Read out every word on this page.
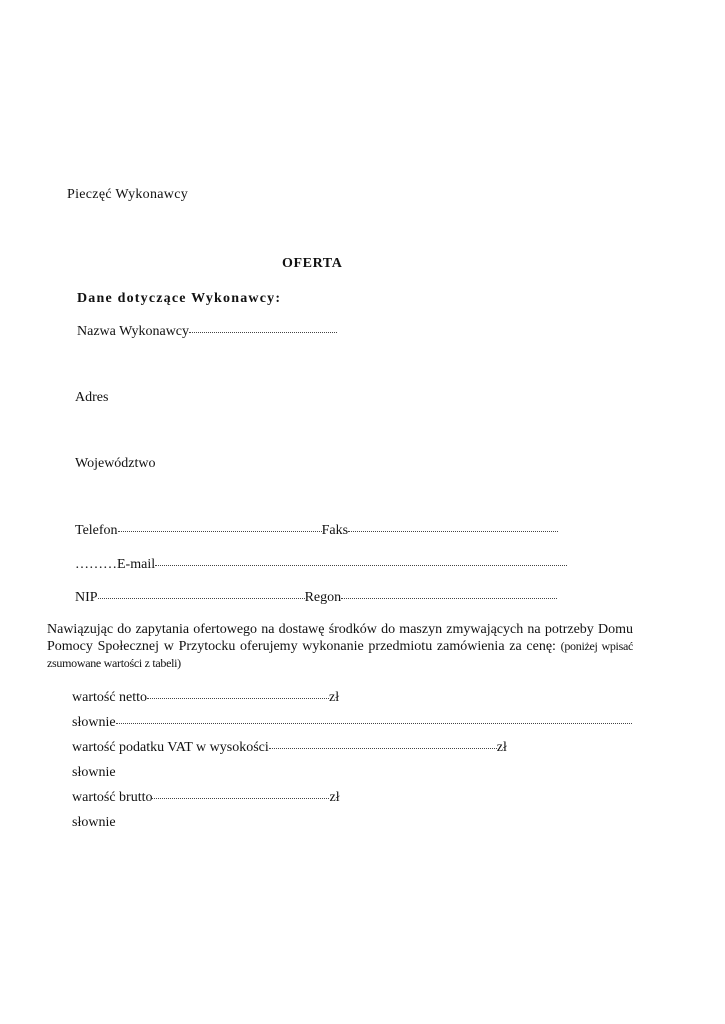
Pieczęć Wykonawcy
OFERTA
Dane dotyczące Wykonawcy:
Nazwa Wykonawcy
Adres
Województwo
Telefon	Faks
………E-mail
NIP	Regon
Nawiązując do zapytania ofertowego na dostawę środków do maszyn zmywających na potrzeby Domu Pomocy Społecznej w Przytocku oferujemy wykonanie przedmiotu zamówienia za cenę: (poniżej wpisać zsumowane wartości z tabeli)
wartość netto	zł
słownie
wartość podatku VAT w wysokości	zł
słownie
wartość brutto	zł
słownie
